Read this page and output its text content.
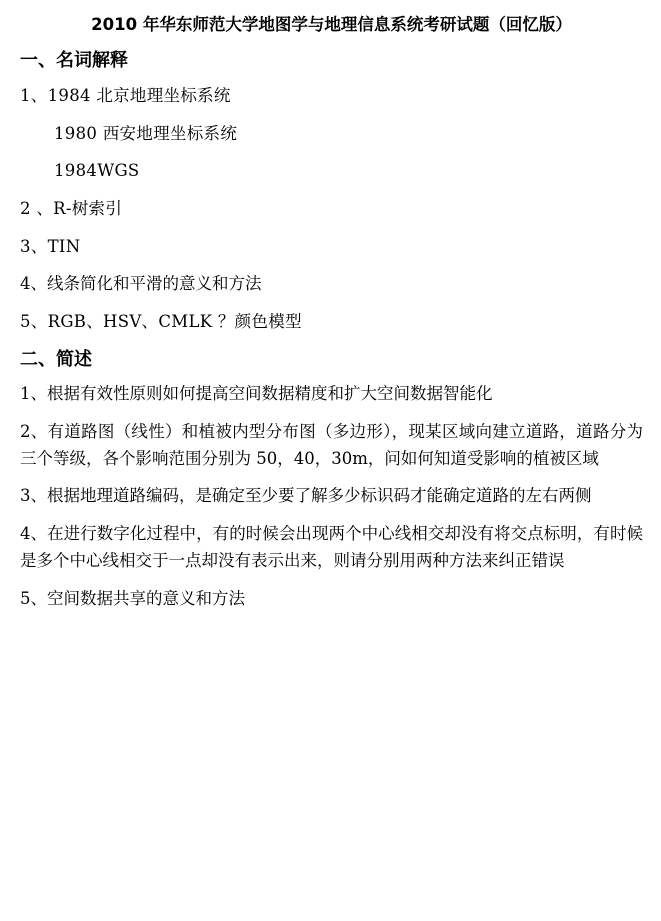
2010 年华东师范大学地图学与地理信息系统考研试题（回忆版）
一、名词解释
1、1984 北京地理坐标系统
1980 西安地理坐标系统
1984WGS
2 、R-树索引
3、TIN
4、线条简化和平滑的意义和方法
5、RGB、HSV、CMLK ？颜色模型
二、简述
1、根据有效性原则如何提高空间数据精度和扩大空间数据智能化
2、有道路图（线性）和植被内型分布图（多边形），现某区域向建立道路，道路分为三个等级，各个影响范围分别为 50，40，30m，问如何知道受影响的植被区域
3、根据地理道路编码，是确定至少要了解多少标识码才能确定道路的左右两侧
4、在进行数字化过程中，有的时候会出现两个中心线相交却没有将交点标明，有时候是多个中心线相交于一点却没有表示出来，则请分别用两种方法来纠正错误
5、空间数据共享的意义和方法
